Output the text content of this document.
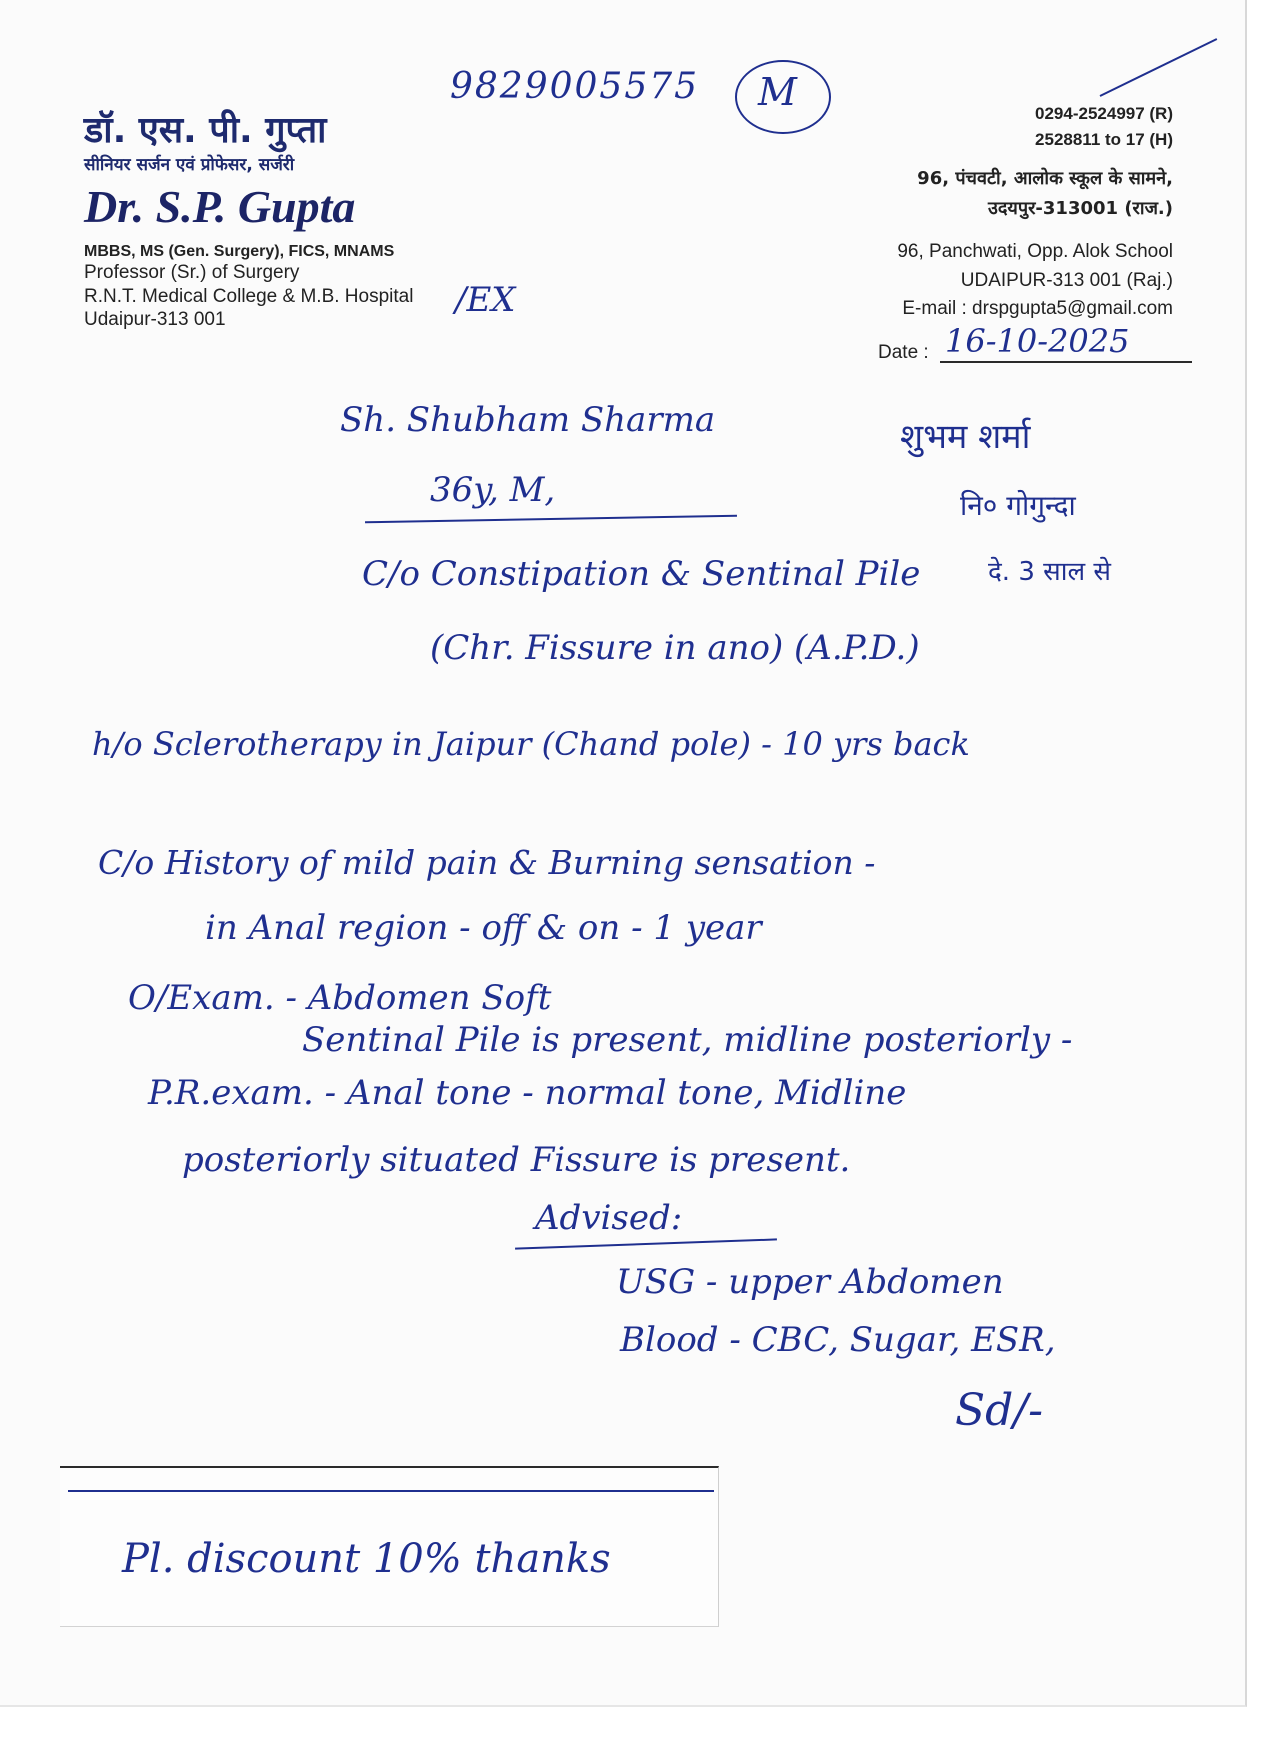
डॉ. एस. पी. गुप्ता
सीनियर सर्जन एवं प्रोफेसर, सर्जरी
Dr. S.P. Gupta
MBBS, MS (Gen. Surgery), FICS, MNAMS
Professor (Sr.) of Surgery
R.N.T. Medical College & M.B. Hospital
Udaipur-313 001
0294-2524997 (R)
2528811 to 17 (H)
96, पंचवटी, आलोक स्कूल के सामने,
उदयपुर-313001 (राज.)
96, Panchwati, Opp. Alok School
UDAIPUR-313 001 (Raj.)
E-mail : drspgupta5@gmail.com
Date :
9829005575 M
/EX
16-10-2025
Sh. Shubham Sharma	शुभम शर्मा
36y, M,	नि० गोगुन्दा
C/o Constipation & Sentinal Pile	दे. 3 साल से
(Chr. Fissure in ano) (A.P.D.)
h/o Sclerotherapy in Jaipur (Chand pole) - 10 yrs back
C/o History of mild pain & Burning sensation -
in Anal region - off & on - 1 year
O/Exam. - Abdomen Soft
Sentinal Pile is present, midline posteriorly -
P.R.exam. - Anal tone - normal tone, Midline
posteriorly situated Fissure is present.
Advised:
USG - upper Abdomen
Blood - CBC, Sugar, ESR,
Sd/-
Pl. discount 10% thanks
